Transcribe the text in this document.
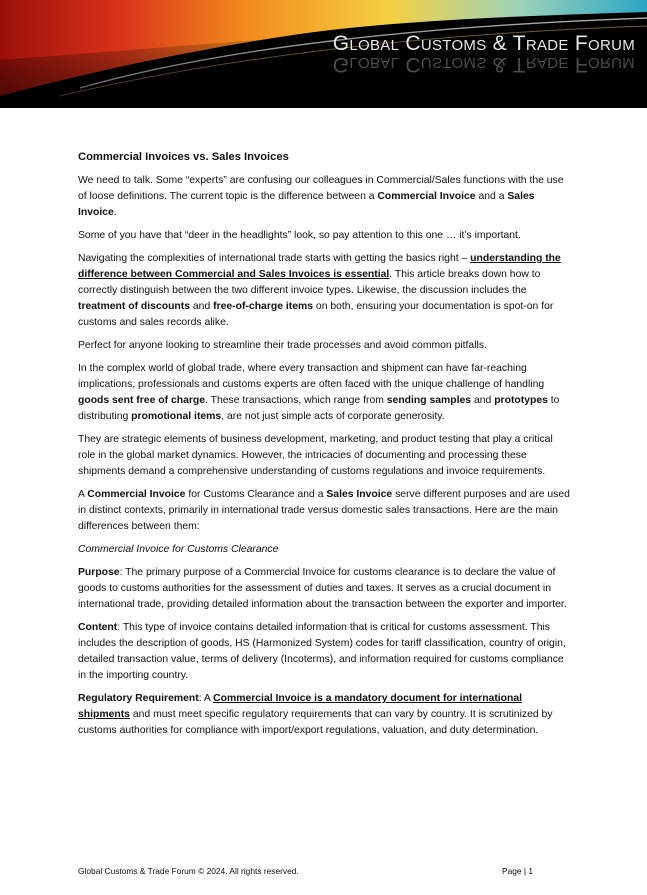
Global Customs & Trade Forum
Global Customs & Trade Forum
Commercial Invoices vs. Sales Invoices

We need to talk. Some “experts” are confusing our colleagues in Commercial/Sales functions with the use of loose definitions. The current topic is the difference between a Commercial Invoice and a Sales Invoice.

Some of you have that “deer in the headlights” look, so pay attention to this one … it’s important.

Navigating the complexities of international trade starts with getting the basics right – understanding the difference between Commercial and Sales Invoices is essential. This article breaks down how to correctly distinguish between the two different invoice types. Likewise, the discussion includes the treatment of discounts and free-of-charge items on both, ensuring your documentation is spot-on for customs and sales records alike.

Perfect for anyone looking to streamline their trade processes and avoid common pitfalls.

In the complex world of global trade, where every transaction and shipment can have far-reaching implications, professionals and customs experts are often faced with the unique challenge of handling goods sent free of charge. These transactions, which range from sending samples and prototypes to distributing promotional items, are not just simple acts of corporate generosity.

They are strategic elements of business development, marketing, and product testing that play a critical role in the global market dynamics. However, the intricacies of documenting and processing these shipments demand a comprehensive understanding of customs regulations and invoice requirements.

A Commercial Invoice for Customs Clearance and a Sales Invoice serve different purposes and are used in distinct contexts, primarily in international trade versus domestic sales transactions. Here are the main differences between them:

Commercial Invoice for Customs Clearance

Purpose: The primary purpose of a Commercial Invoice for customs clearance is to declare the value of goods to customs authorities for the assessment of duties and taxes. It serves as a crucial document in international trade, providing detailed information about the transaction between the exporter and importer.

Content: This type of invoice contains detailed information that is critical for customs assessment. This includes the description of goods, HS (Harmonized System) codes for tariff classification, country of origin, detailed transaction value, terms of delivery (Incoterms), and information required for customs compliance in the importing country.

Regulatory Requirement: A Commercial Invoice is a mandatory document for international shipments and must meet specific regulatory requirements that can vary by country. It is scrutinized by customs authorities for compliance with import/export regulations, valuation, and duty determination.

Global Customs & Trade Forum © 2024. All rights reserved.	Page | 1
